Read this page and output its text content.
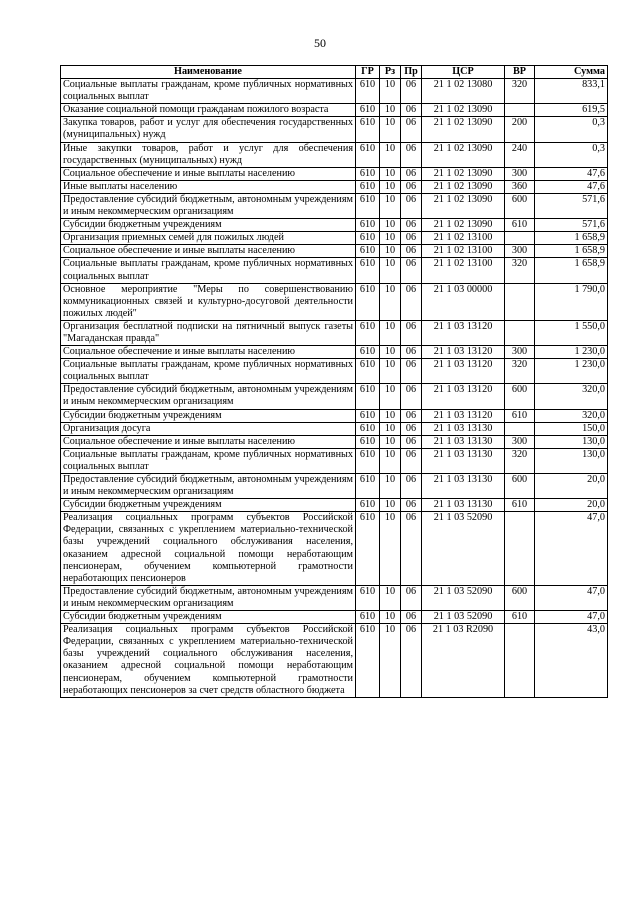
50
Наименование	ГР	Рз	Пр	ЦСР	ВР	Сумма
Социальные выплаты гражданам, кроме публичных нормативных социальных выплат	610	10	06	21 1 02 13080	320	833,1
Оказание социальной помощи гражданам пожилого возраста	610	10	06	21 1 02 13090		619,5
Закупка товаров, работ и услуг для обеспечения государственных (муниципальных) нужд	610	10	06	21 1 02 13090	200	0,3
Иные закупки товаров, работ и услуг для обеспечения государственных (муниципальных) нужд	610	10	06	21 1 02 13090	240	0,3
Социальное обеспечение и иные выплаты населению	610	10	06	21 1 02 13090	300	47,6
Иные выплаты населению	610	10	06	21 1 02 13090	360	47,6
Предоставление субсидий бюджетным, автономным учреждениям и иным некоммерческим организациям	610	10	06	21 1 02 13090	600	571,6
Субсидии бюджетным учреждениям	610	10	06	21 1 02 13090	610	571,6
Организация приемных семей для пожилых людей	610	10	06	21 1 02 13100		1 658,9
Социальное обеспечение и иные выплаты населению	610	10	06	21 1 02 13100	300	1 658,9
Социальные выплаты гражданам, кроме публичных нормативных социальных выплат	610	10	06	21 1 02 13100	320	1 658,9
Основное мероприятие "Меры по совершенствованию коммуникационных связей и культурно-досуговой деятельности пожилых людей"	610	10	06	21 1 03 00000		1 790,0
Организация бесплатной подписки на пятничный выпуск газеты "Магаданская правда"	610	10	06	21 1 03 13120		1 550,0
Социальное обеспечение и иные выплаты населению	610	10	06	21 1 03 13120	300	1 230,0
Социальные выплаты гражданам, кроме публичных нормативных социальных выплат	610	10	06	21 1 03 13120	320	1 230,0
Предоставление субсидий бюджетным, автономным учреждениям и иным некоммерческим организациям	610	10	06	21 1 03 13120	600	320,0
Субсидии бюджетным учреждениям	610	10	06	21 1 03 13120	610	320,0
Организация досуга	610	10	06	21 1 03 13130		150,0
Социальное обеспечение и иные выплаты населению	610	10	06	21 1 03 13130	300	130,0
Социальные выплаты гражданам, кроме публичных нормативных социальных выплат	610	10	06	21 1 03 13130	320	130,0
Предоставление субсидий бюджетным, автономным учреждениям и иным некоммерческим организациям	610	10	06	21 1 03 13130	600	20,0
Субсидии бюджетным учреждениям	610	10	06	21 1 03 13130	610	20,0
Реализация социальных программ субъектов Российской Федерации, связанных с укреплением материально-технической базы учреждений социального обслуживания населения, оказанием адресной социальной помощи неработающим пенсионерам, обучением компьютерной грамотности неработающих пенсионеров	610	10	06	21 1 03 52090		47,0
Предоставление субсидий бюджетным, автономным учреждениям и иным некоммерческим организациям	610	10	06	21 1 03 52090	600	47,0
Субсидии бюджетным учреждениям	610	10	06	21 1 03 52090	610	47,0
Реализация социальных программ субъектов Российской Федерации, связанных с укреплением материально-технической базы учреждений социального обслуживания населения, оказанием адресной социальной помощи неработающим пенсионерам, обучением компьютерной грамотности неработающих пенсионеров за счет средств областного бюджета	610	10	06	21 1 03 R2090		43,0
